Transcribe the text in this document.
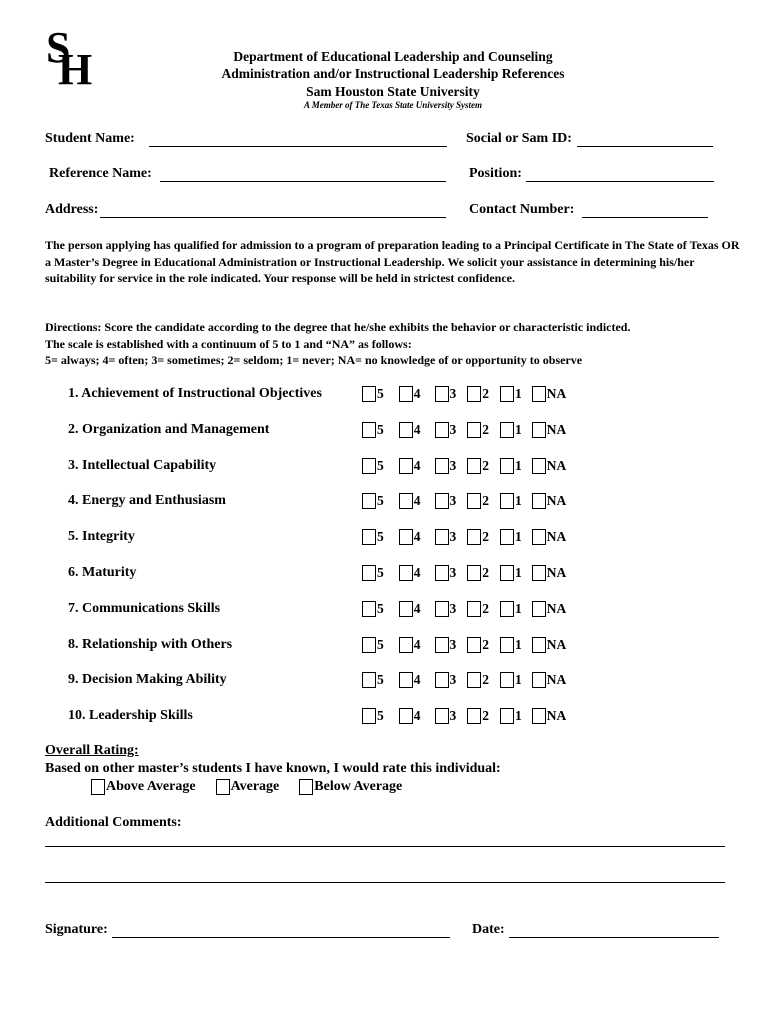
S
H	Department of Educational Leadership and Counseling
Administration and/or Instructional Leadership References
Sam Houston State University
A Member of The Texas State University System
Student Name:	Social or Sam ID:
Reference Name:	Position:
Address:	Contact Number:
The person applying has qualified for admission to a program of preparation leading to a Principal Certificate in The State of Texas OR a Master’s Degree in Educational Administration or Instructional Leadership. We solicit your assistance in determining his/her suitability for service in the role indicated. Your response will be held in strictest confidence.
Directions: Score the candidate according to the degree that he/she exhibits the behavior or characteristic indicted.
The scale is established with a continuum of 5 to 1 and “NA” as follows:
5= always; 4= often; 3= sometimes; 2= seldom; 1= never; NA= no knowledge of or opportunity to observe
1. Achievement of Instructional Objectives	5 4 3 2 1 NA
2. Organization and Management	5 4 3 2 1 NA
3. Intellectual Capability	5 4 3 2 1 NA
4. Energy and Enthusiasm	5 4 3 2 1 NA
5. Integrity	5 4 3 2 1 NA
6. Maturity	5 4 3 2 1 NA
7. Communications Skills	5 4 3 2 1 NA
8. Relationship with Others	5 4 3 2 1 NA
9. Decision Making Ability	5 4 3 2 1 NA
10. Leadership Skills	5 4 3 2 1 NA
Overall Rating:
Based on other master’s students I have known, I would rate this individual:
Above Average	Average	Below Average
Additional Comments:
Signature:	Date:
